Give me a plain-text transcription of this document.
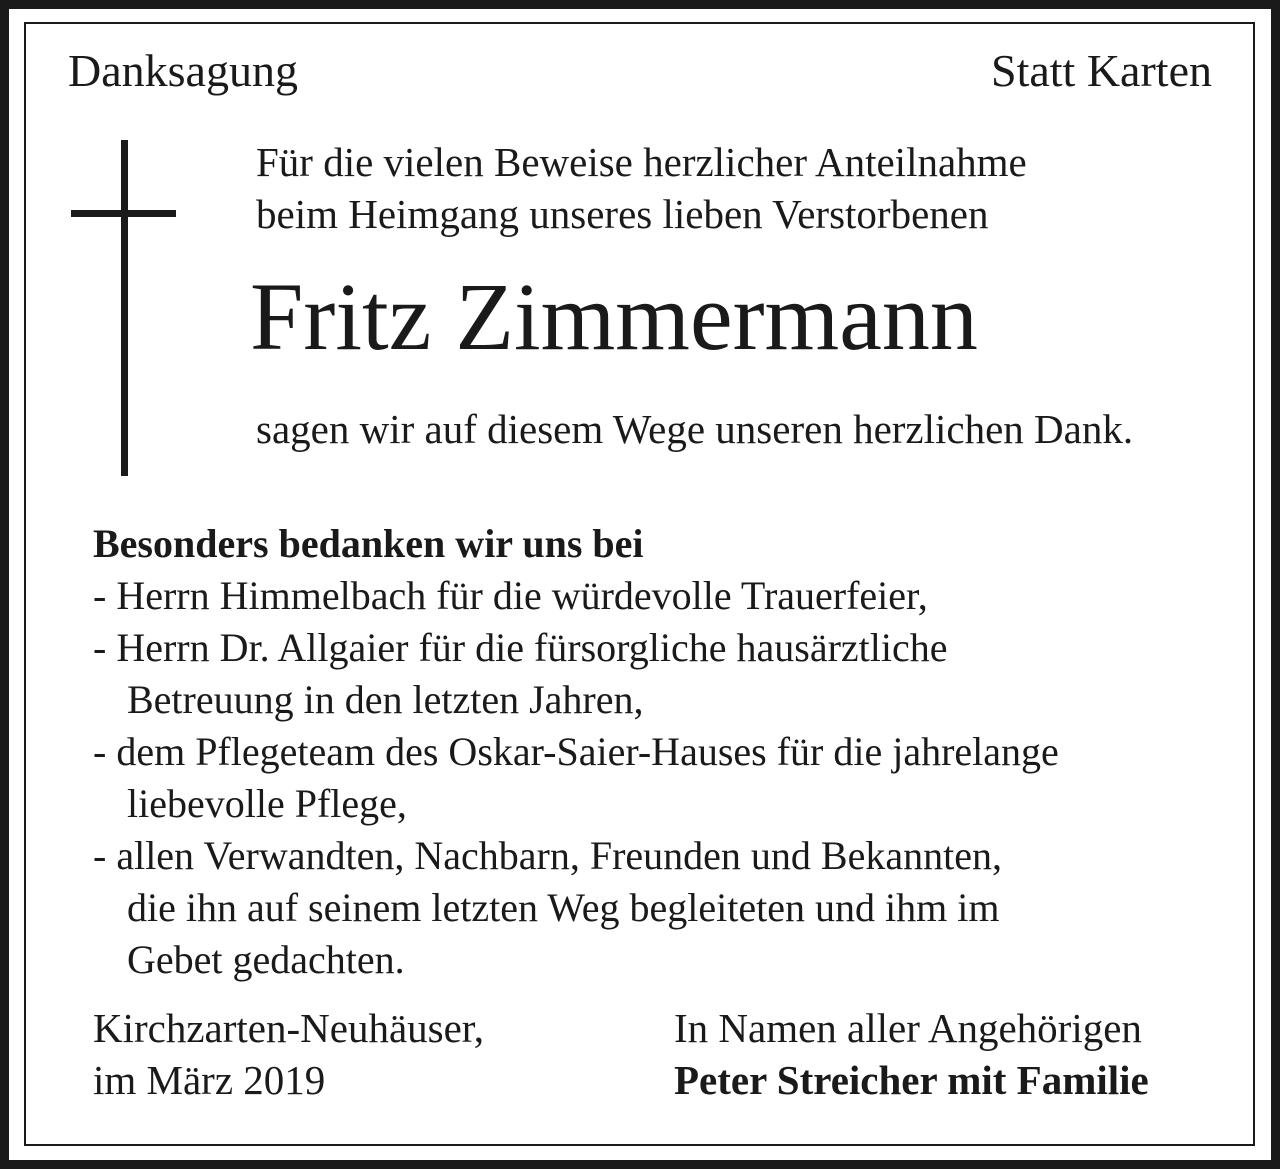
Danksagung	Statt Karten
Für die vielen Beweise herzlicher Anteilnahme
beim Heimgang unseres lieben Verstorbenen
Fritz Zimmermann
sagen wir auf diesem Wege unseren herzlichen Dank.
Besonders bedanken wir uns bei
- Herrn Himmelbach für die würdevolle Trauerfeier,
- Herrn Dr. Allgaier für die fürsorgliche hausärztliche
Betreuung in den letzten Jahren,
- dem Pflegeteam des Oskar-Saier-Hauses für die jahrelange
liebevolle Pflege,
- allen Verwandten, Nachbarn, Freunden und Bekannten,
die ihn auf seinem letzten Weg begleiteten und ihm im
Gebet gedachten.
Kirchzarten-Neuhäuser,
im März 2019
In Namen aller Angehörigen
Peter Streicher mit Familie
